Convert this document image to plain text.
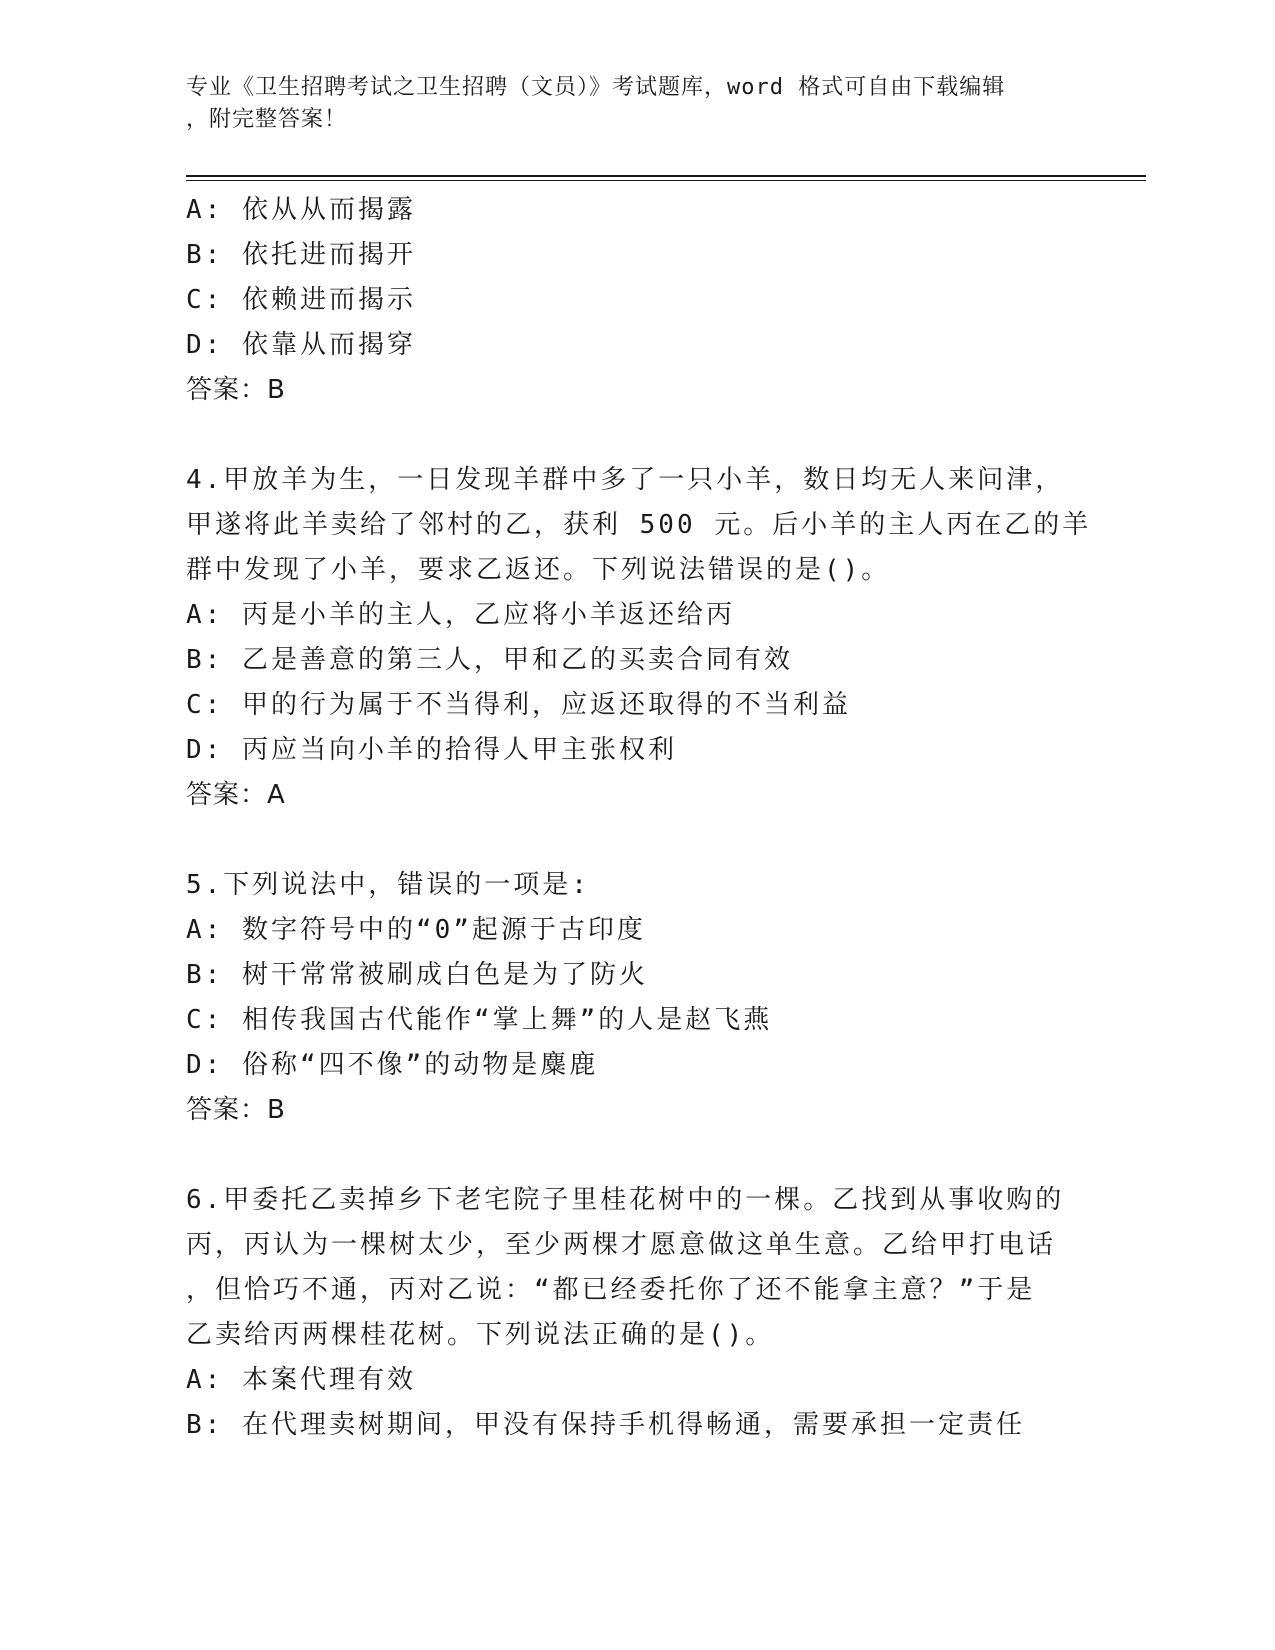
专业《卫生招聘考试之卫生招聘（文员）》考试题库，word 格式可自由下载编辑
，附完整答案！
A: 依从从而揭露
B: 依托进而揭开
C: 依赖进而揭示
D: 依靠从而揭穿
答案：B
4.甲放羊为生，一日发现羊群中多了一只小羊，数日均无人来问津，
甲遂将此羊卖给了邻村的乙，获利 500 元。后小羊的主人丙在乙的羊
群中发现了小羊，要求乙返还。下列说法错误的是()。
A: 丙是小羊的主人，乙应将小羊返还给丙
B: 乙是善意的第三人，甲和乙的买卖合同有效
C: 甲的行为属于不当得利，应返还取得的不当利益
D: 丙应当向小羊的拾得人甲主张权利
答案：A
5.下列说法中，错误的一项是:
A: 数字符号中的“0”起源于古印度
B: 树干常常被刷成白色是为了防火
C: 相传我国古代能作“掌上舞”的人是赵飞燕
D: 俗称“四不像”的动物是麋鹿
答案：B
6.甲委托乙卖掉乡下老宅院子里桂花树中的一棵。乙找到从事收购的
丙，丙认为一棵树太少，至少两棵才愿意做这单生意。乙给甲打电话
，但恰巧不通，丙对乙说：“都已经委托你了还不能拿主意？”于是
乙卖给丙两棵桂花树。下列说法正确的是()。
A: 本案代理有效
B: 在代理卖树期间，甲没有保持手机得畅通，需要承担一定责任
